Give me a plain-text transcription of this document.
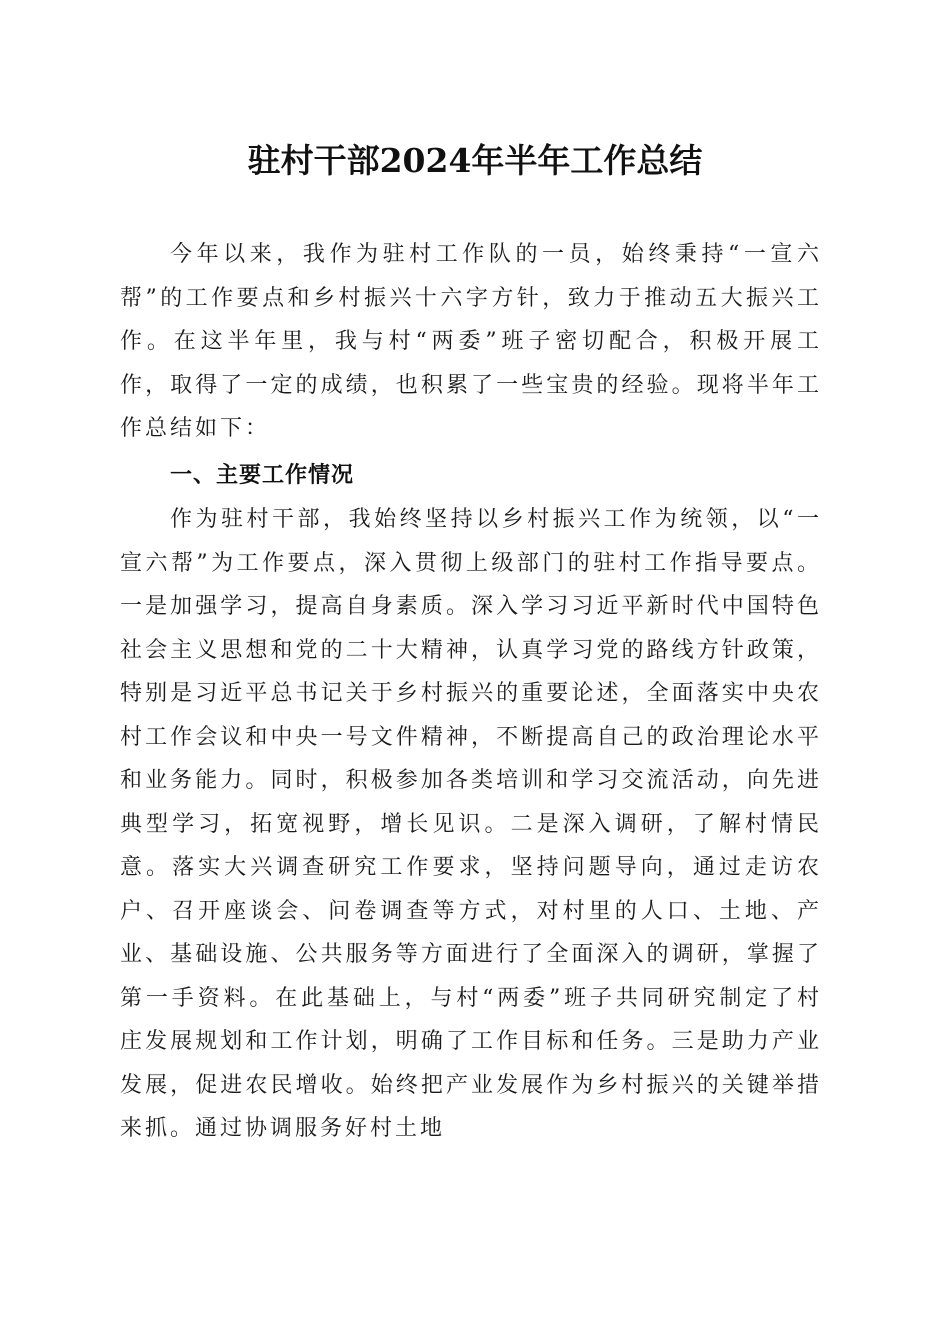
驻村干部2024年半年工作总结

今年以来，我作为驻村工作队的一员，始终秉持“一宣六帮”的工作要点和乡村振兴十六字方针，致力于推动五大振兴工作。在这半年里，我与村“两委”班子密切配合，积极开展工作，取得了一定的成绩，也积累了一些宝贵的经验。现将半年工作总结如下：

一、主要工作情况

作为驻村干部，我始终坚持以乡村振兴工作为统领，以“一宣六帮”为工作要点，深入贯彻上级部门的驻村工作指导要点。一是加强学习，提高自身素质。深入学习习近平新时代中国特色社会主义思想和党的二十大精神，认真学习党的路线方针政策，特别是习近平总书记关于乡村振兴的重要论述，全面落实中央农村工作会议和中央一号文件精神，不断提高自己的政治理论水平和业务能力。同时，积极参加各类培训和学习交流活动，向先进典型学习，拓宽视野，增长见识。二是深入调研，了解村情民意。落实大兴调查研究工作要求，坚持问题导向，通过走访农户、召开座谈会、问卷调查等方式，对村里的人口、土地、产业、基础设施、公共服务等方面进行了全面深入的调研，掌握了第一手资料。在此基础上，与村“两委”班子共同研究制定了村庄发展规划和工作计划，明确了工作目标和任务。三是助力产业发展，促进农民增收。始终把产业发展作为乡村振兴的关键举措来抓。通过协调服务好村土地
